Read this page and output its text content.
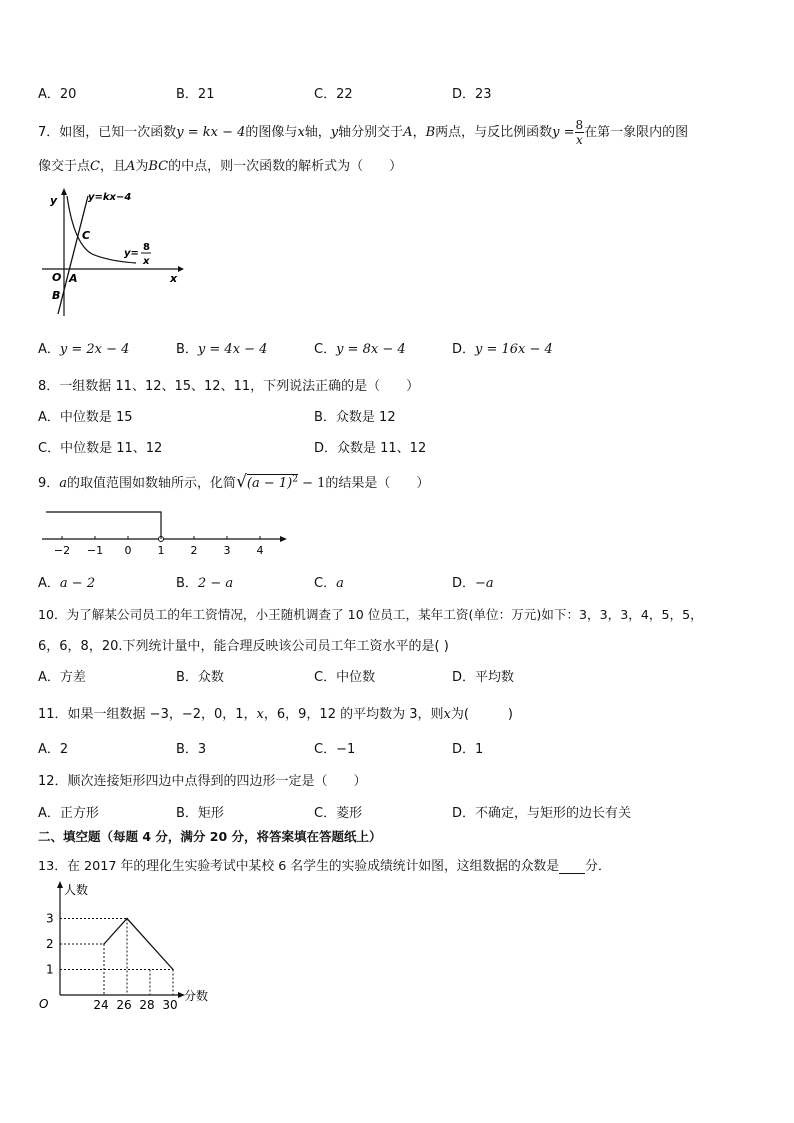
A．20	B．21	C．22	D．23
7．如图，已知一次函数y = kx − 4的图像与x轴，y轴分别交于A，B两点，与反比例函数$y = \frac{8}{x}$ 在第一象限内的图
像交于点C，且A为BC的中点，则一次函数的解析式为（　　）
y
x
O A
B
C
y=kx−4
y=
8
x
A．y = 2x − 4	B．y = 4x − 4	C．y = 8x − 4	D．y = 16x − 4
8．一组数据 11、12、15、12、11，下列说法正确的是（　　）
A．中位数是 15	B．众数是 12
C．中位数是 11、12	D．众数是 11、12
9．a的取值范围如数轴所示，化简$√(a - 1)^2 - 1$的结果是（　　）
−2 −1 0 1 2 3 4
A．a − 2	B．2 − a	C．a	D．−a
10．为了解某公司员工的年工资情况，小王随机调查了 10 位员工，某年工资(单位：万元)如下：3，3，3，4，5，5，
6，6，8，20.下列统计量中，能合理反映该公司员工年工资水平的是( )
A．方差	B．众数	C．中位数	D．平均数
11．如果一组数据 −3，−2，0，1，x，6，9，12 的平均数为 3，则x为(　　　)
A．2	B．3	C．−1	D．1
12．顺次连接矩形四边中点得到的四边形一定是（　　）
A．正方形	B．矩形	C．菱形	D．不确定，与矩形的边长有关
二、填空题（每题 4 分，满分 20 分，将答案填在答题纸上）
13．在 2017 年的理化生实验考试中某校 6 名学生的实验成绩统计如图，这组数据的众数是 分．
人数
分数
O
1
2
3
24 26 28 30
